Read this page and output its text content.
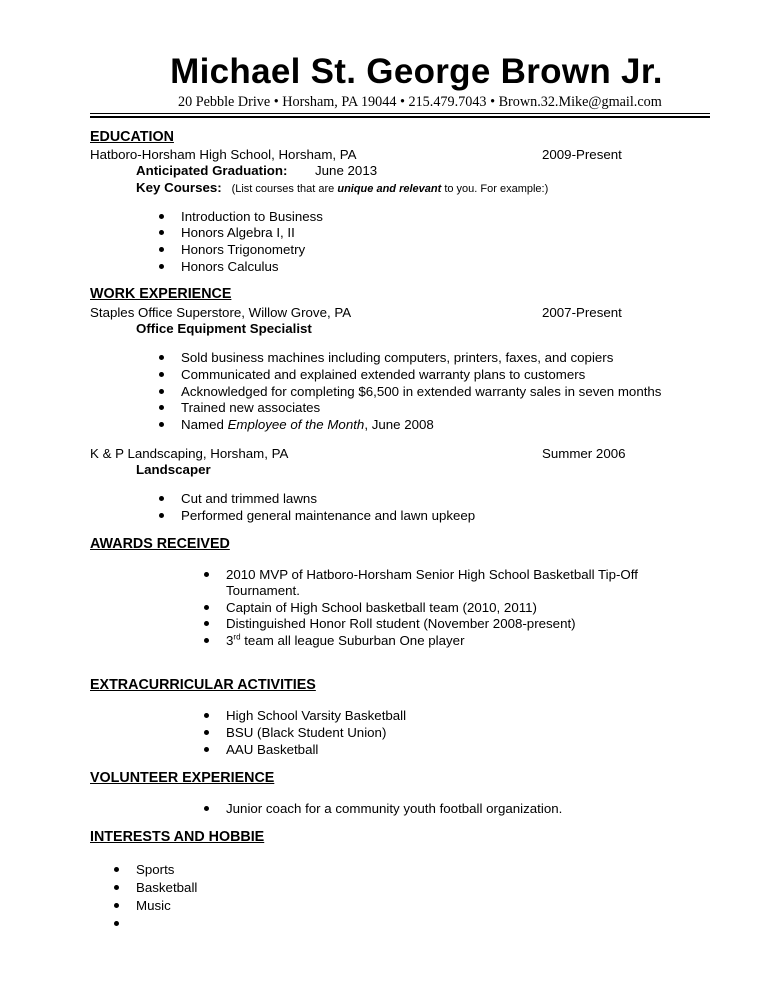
Michael St. George Brown Jr.
20 Pebble Drive • Horsham, PA 19044 • 215.479.7043 • Brown.32.Mike@gmail.com
EDUCATION
Hatboro-Horsham High School, Horsham, PA	2009-Present
Anticipated Graduation: June 2013
Key Courses: (List courses that are unique and relevant to you. For example:)
Introduction to Business
Honors Algebra I, II
Honors Trigonometry
Honors Calculus
WORK EXPERIENCE
Staples Office Superstore, Willow Grove, PA	2007-Present
Office Equipment Specialist
Sold business machines including computers, printers, faxes, and copiers
Communicated and explained extended warranty plans to customers
Acknowledged for completing $6,500 in extended warranty sales in seven months
Trained new associates
Named Employee of the Month, June 2008
K & P Landscaping, Horsham, PA	Summer 2006
Landscaper
Cut and trimmed lawns
Performed general maintenance and lawn upkeep
AWARDS RECEIVED
2010 MVP of Hatboro-Horsham Senior High School Basketball Tip-Off
Tournament.
Captain of High School basketball team (2010, 2011)
Distinguished Honor Roll student (November 2008-present)
3rd team all league Suburban One player
EXTRACURRICULAR ACTIVITIES
High School Varsity Basketball
BSU (Black Student Union)
AAU Basketball
VOLUNTEER EXPERIENCE
Junior coach for a community youth football organization.
INTERESTS AND HOBBIE
Sports
Basketball
Music
